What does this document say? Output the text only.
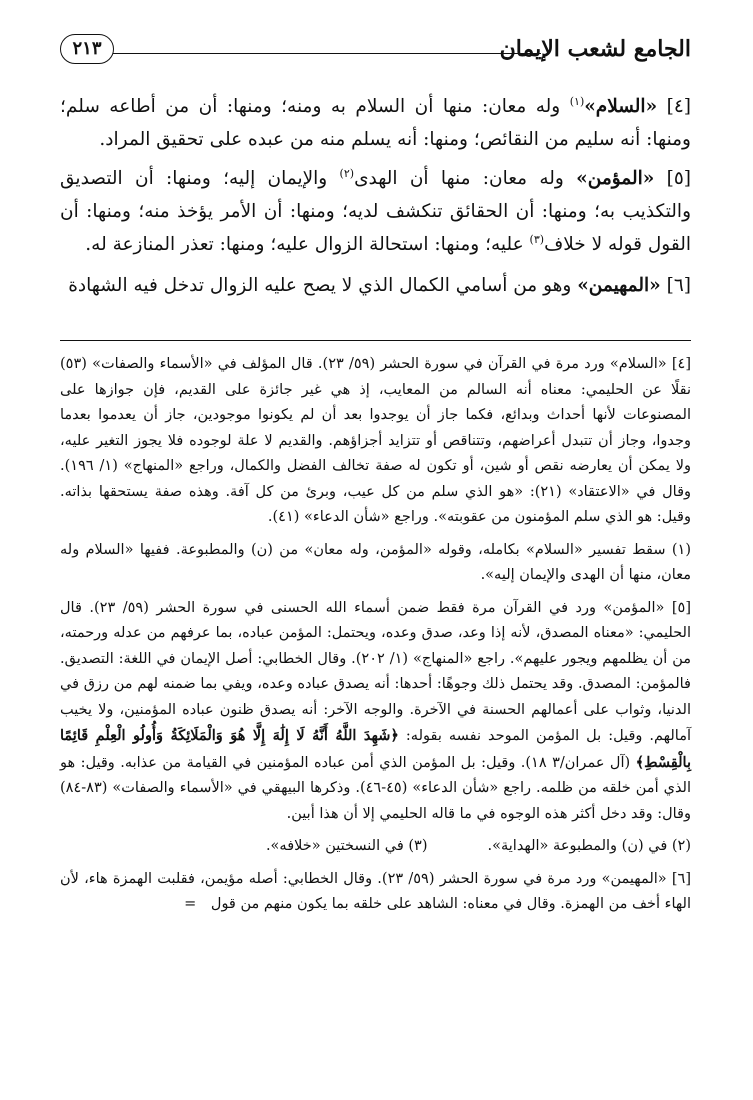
الجامع لشعب الإيمان
٢١٣

[٤] «السلام»$^{(١)}$ وله معان: منها أن السلام به ومنه؛ ومنها: أن من أطاعه سلم؛ ومنها: أنه سليم من النقائص؛ ومنها: أنه يسلم منه من عبده على تحقيق المراد.

[٥] «المؤمن» وله معان: منها أن الهدى$^{(٢)}$ والإيمان إليه؛ ومنها: أن التصديق والتكذيب به؛ ومنها: أن الحقائق تنكشف لديه؛ ومنها: أن الأمر يؤخذ منه؛ ومنها: أن القول قوله لا خلاف$^{(٣)}$ عليه؛ ومنها: استحالة الزوال عليه؛ ومنها: تعذر المنازعة له.

[٦] «المهيمن» وهو من أسامي الكمال الذي لا يصح عليه الزوال تدخل فيه الشهادة

[٤] «السلام» ورد مرة في القرآن في سورة الحشر (٥٩/ ٢٣). قال المؤلف في «الأسماء والصفات» (٥٣) نقلًا عن الحليمي: معناه أنه السالم من المعايب، إذ هي غير جائزة على القديم، فإن جوازها على المصنوعات لأنها أحداث وبدائع، فكما جاز أن يوجدوا بعد أن لم يكونوا موجودين، جاز أن يعدموا بعدما وجدوا، وجاز أن تتبدل أعراضهم، وتتناقص أو تتزايد أجزاؤهم. والقديم لا علة لوجوده فلا يجوز التغير عليه، ولا يمكن أن يعارضه نقص أو شين، أو تكون له صفة تخالف الفضل والكمال، وراجع «المنهاج» (١/ ١٩٦). وقال في «الاعتقاد» (٢١): «هو الذي سلم من كل عيب، وبرئ من كل آفة. وهذه صفة يستحقها بذاته. وقيل: هو الذي سلم المؤمنون من عقوبته». وراجع «شأن الدعاء» (٤١).

(١) سقط تفسير «السلام» بكامله، وقوله «المؤمن، وله معان» من (ن) والمطبوعة. ففيها «السلام وله معان، منها أن الهدى والإيمان إليه».

[٥] «المؤمن» ورد في القرآن مرة فقط ضمن أسماء الله الحسنى في سورة الحشر (٥٩/ ٢٣). قال الحليمي: «معناه المصدق، لأنه إذا وعد، صدق وعده، ويحتمل: المؤمن عباده، بما عرفهم من عدله ورحمته، من أن يظلمهم ويجور عليهم». راجع «المنهاج» (١/ ٢٠٢). وقال الخطابي: أصل الإيمان في اللغة: التصديق. فالمؤمن: المصدق. وقد يحتمل ذلك وجوهًا: أحدها: أنه يصدق عباده وعده، ويفي بما ضمنه لهم من رزق في الدنيا، وثواب على أعمالهم الحسنة في الآخرة. والوجه الآخر: أنه يصدق ظنون عباده المؤمنين، ولا يخيب آمالهم. وقيل: بل المؤمن الموحد نفسه بقوله: ﴿شَهِدَ اللَّهُ أَنَّهُ لَا إِلَٰهَ إِلَّا هُوَ وَالْمَلَائِكَةُ وَأُولُو الْعِلْمِ قَائِمًا بِالْقِسْطِ﴾ (آل عمران/٣ ١٨). وقيل: بل المؤمن الذي أمن عباده المؤمنين في القيامة من عذابه. وقيل: هو الذي أمن خلقه من ظلمه. راجع «شأن الدعاء» (٤٥-٤٦). وذكرها البيهقي في «الأسماء والصفات» (٨٣-٨٤) وقال: وقد دخل أكثر هذه الوجوه في ما قاله الحليمي إلا أن هذا أبين.

(٢) في (ن) والمطبوعة «الهداية».
(٣) في النسختين «خلافه».

[٦] «المهيمن» ورد مرة في سورة الحشر (٥٩/ ٢٣). وقال الخطابي: أصله مؤيمن، فقلبت الهمزة هاء، لأن الهاء أخف من الهمزة. وقال في معناه: الشاهد على خلقه بما يكون منهم من قول =
